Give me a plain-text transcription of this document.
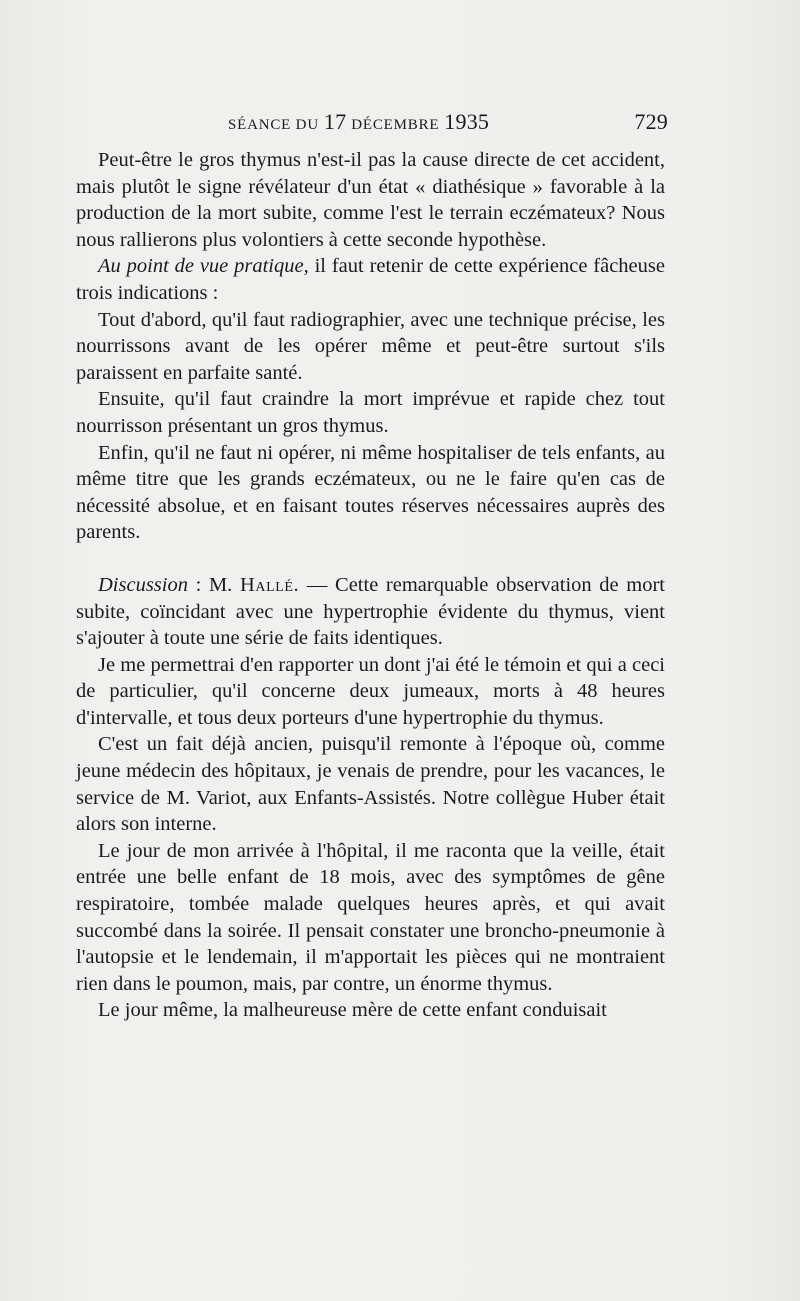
SÉANCE DU 17 DÉCEMBRE 1935	729

Peut-être le gros thymus n'est-il pas la cause directe de cet accident, mais plutôt le signe révélateur d'un état « diathésique » favorable à la production de la mort subite, comme l'est le terrain eczémateux? Nous nous rallierons plus volontiers à cette seconde hypothèse.

Au point de vue pratique, il faut retenir de cette expérience fâcheuse trois indications :

Tout d'abord, qu'il faut radiographier, avec une technique précise, les nourrissons avant de les opérer même et peut-être surtout s'ils paraissent en parfaite santé.

Ensuite, qu'il faut craindre la mort imprévue et rapide chez tout nourrisson présentant un gros thymus.

Enfin, qu'il ne faut ni opérer, ni même hospitaliser de tels enfants, au même titre que les grands eczémateux, ou ne le faire qu'en cas de nécessité absolue, et en faisant toutes réserves nécessaires auprès des parents.

Discussion : M. Hallé. — Cette remarquable observation de mort subite, coïncidant avec une hypertrophie évidente du thymus, vient s'ajouter à toute une série de faits identiques.

Je me permettrai d'en rapporter un dont j'ai été le témoin et qui a ceci de particulier, qu'il concerne deux jumeaux, morts à 48 heures d'intervalle, et tous deux porteurs d'une hypertrophie du thymus.

C'est un fait déjà ancien, puisqu'il remonte à l'époque où, comme jeune médecin des hôpitaux, je venais de prendre, pour les vacances, le service de M. Variot, aux Enfants-Assistés. Notre collègue Huber était alors son interne.

Le jour de mon arrivée à l'hôpital, il me raconta que la veille, était entrée une belle enfant de 18 mois, avec des symptômes de gêne respiratoire, tombée malade quelques heures après, et qui avait succombé dans la soirée. Il pensait constater une broncho-pneumonie à l'autopsie et le lendemain, il m'apportait les pièces qui ne montraient rien dans le poumon, mais, par contre, un énorme thymus.

Le jour même, la malheureuse mère de cette enfant conduisait
